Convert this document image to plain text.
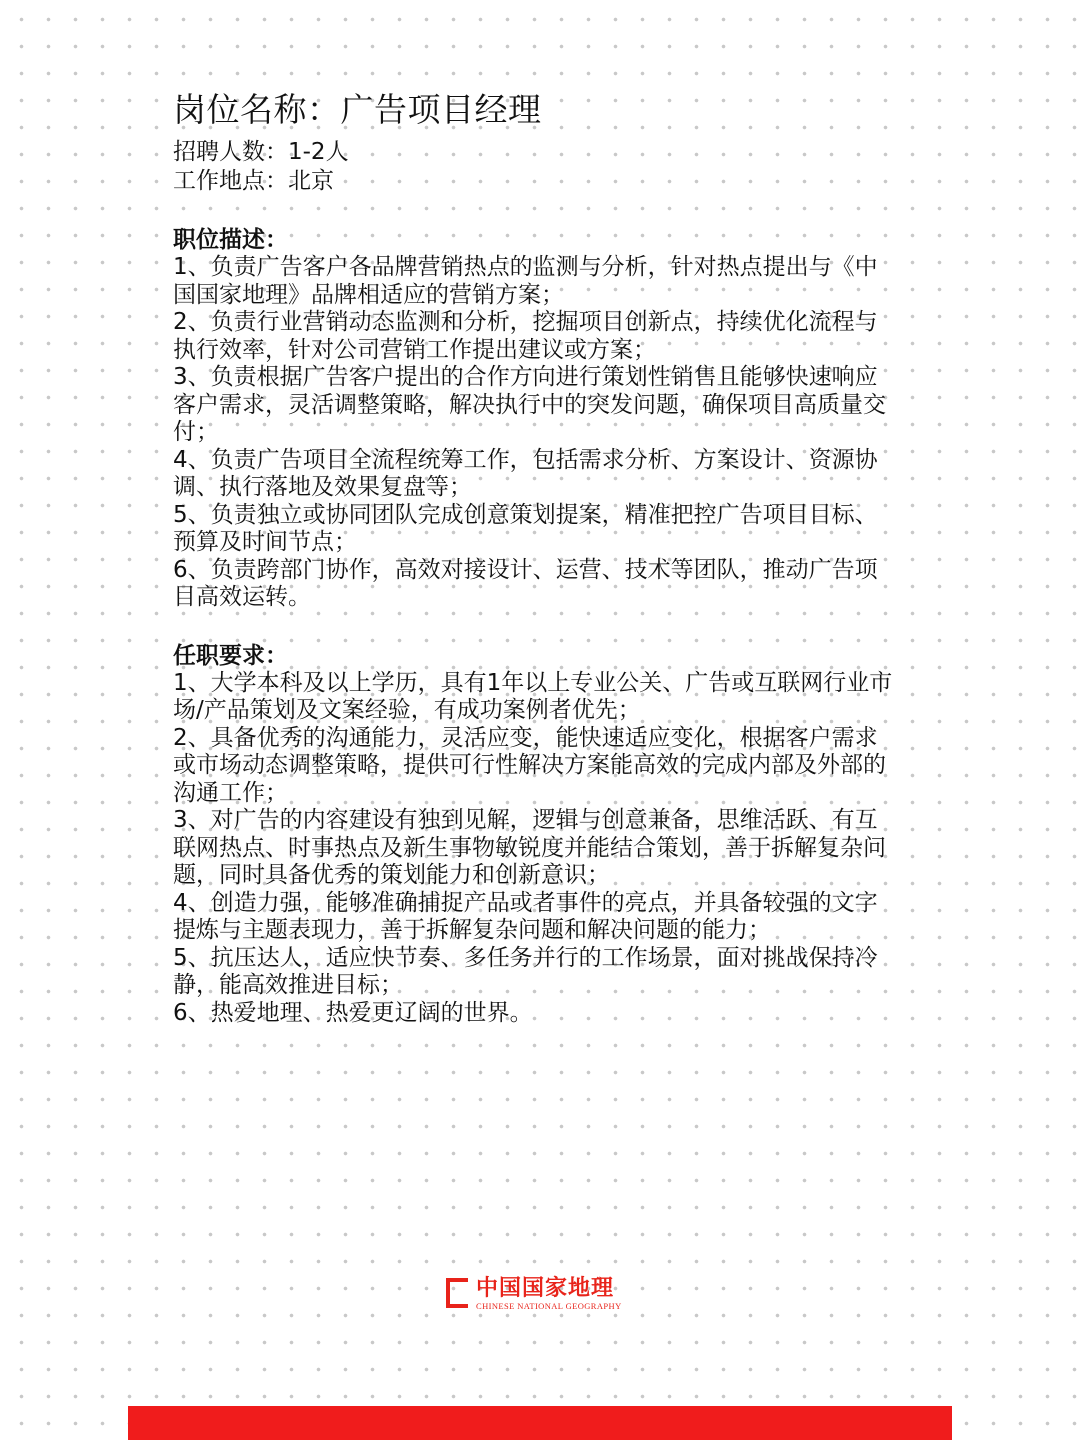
岗位名称：广告项目经理
招聘人数：1-2人
工作地点：北京
职位描述：
1、负责广告客户各品牌营销热点的监测与分析，针对热点提出与《中国国家地理》品牌相适应的营销方案；
2、负责行业营销动态监测和分析，挖掘项目创新点，持续优化流程与执行效率，针对公司营销工作提出建议或方案；
3、负责根据广告客户提出的合作方向进行策划性销售且能够快速响应客户需求，灵活调整策略，解决执行中的突发问题，确保项目高质量交付；
4、负责广告项目全流程统筹工作，包括需求分析、方案设计、资源协调、执行落地及效果复盘等；
5、负责独立或协同团队完成创意策划提案，精准把控广告项目目标、预算及时间节点；
6、负责跨部门协作，高效对接设计、运营、技术等团队，推动广告项目高效运转。
任职要求：
1、大学本科及以上学历，具有1年以上专业公关、广告或互联网行业市场/产品策划及文案经验，有成功案例者优先；
2、具备优秀的沟通能力，灵活应变，能快速适应变化，根据客户需求或市场动态调整策略，提供可行性解决方案能高效的完成内部及外部的沟通工作；
3、对广告的内容建设有独到见解，逻辑与创意兼备，思维活跃、有互联网热点、时事热点及新生事物敏锐度并能结合策划，善于拆解复杂问题，同时具备优秀的策划能力和创新意识；
4、创造力强，能够准确捕捉产品或者事件的亮点，并具备较强的文字提炼与主题表现力，善于拆解复杂问题和解决问题的能力；
5、抗压达人，适应快节奏、多任务并行的工作场景，面对挑战保持冷静，能高效推进目标；
6、热爱地理、热爱更辽阔的世界。
中国国家地理
CHINESE NATIONAL GEOGRAPHY
